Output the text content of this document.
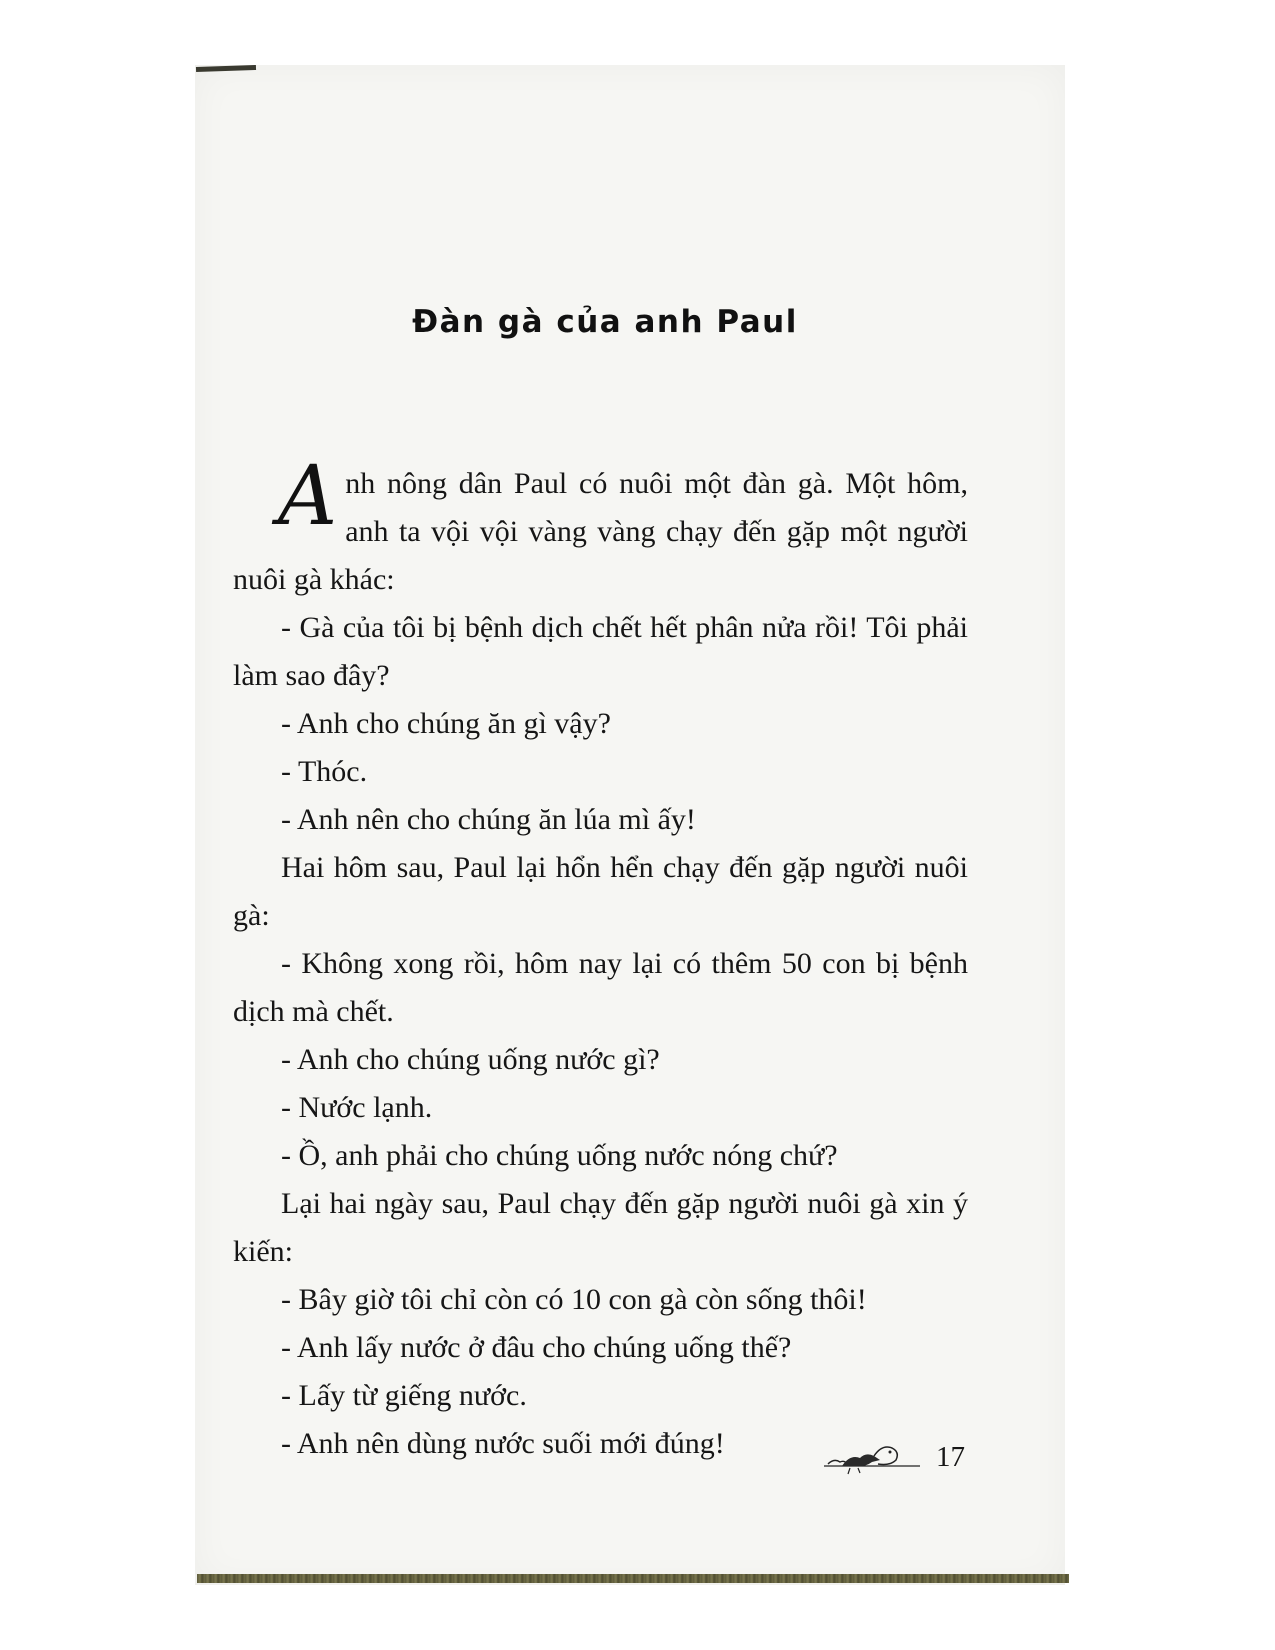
Đàn gà của anh Paul

Anh nông dân Paul có nuôi một đàn gà. Một hôm, anh ta vội vội vàng vàng chạy đến gặp một người nuôi gà khác:

- Gà của tôi bị bệnh dịch chết hết phân nửa rồi! Tôi phải làm sao đây?

- Anh cho chúng ăn gì vậy?

- Thóc.

- Anh nên cho chúng ăn lúa mì ấy!

Hai hôm sau, Paul lại hổn hển chạy đến gặp người nuôi gà:

- Không xong rồi, hôm nay lại có thêm 50 con bị bệnh dịch mà chết.

- Anh cho chúng uống nước gì?

- Nước lạnh.

- Ồ, anh phải cho chúng uống nước nóng chứ?

Lại hai ngày sau, Paul chạy đến gặp người nuôi gà xin ý kiến:

- Bây giờ tôi chỉ còn có 10 con gà còn sống thôi!

- Anh lấy nước ở đâu cho chúng uống thế?

- Lấy từ giếng nước.

- Anh nên dùng nước suối mới đúng!	17
